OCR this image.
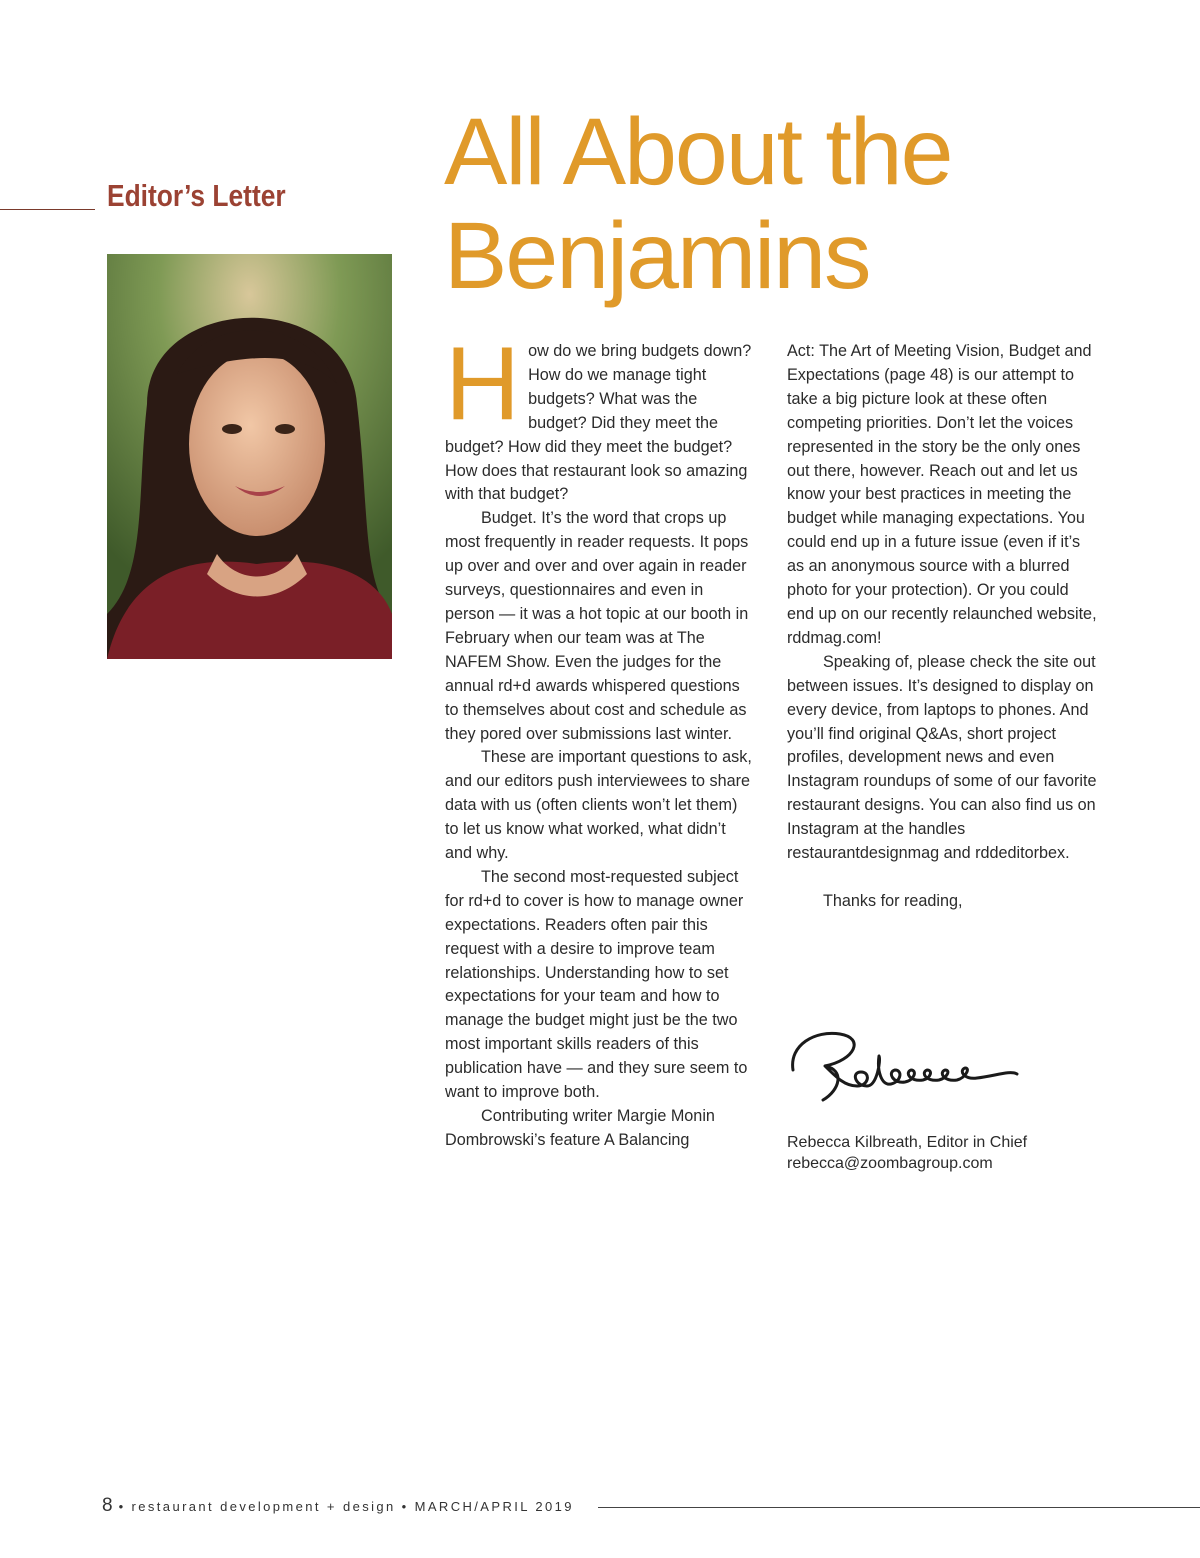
Editor’s Letter All About the
Benjamins

How do we bring budgets down? How do we manage tight budgets? What was the budget? Did they meet the budget? How did they meet the budget? How does that restaurant look so amazing with that budget?

Budget. It’s the word that crops up most frequently in reader requests. It pops up over and over and over again in reader surveys, questionnaires and even in person — it was a hot topic at our booth in February when our team was at The NAFEM Show. Even the judges for the annual rd+d awards whispered questions to themselves about cost and schedule as they pored over submissions last winter.

These are important questions to ask, and our editors push interviewees to share data with us (often clients won’t let them) to let us know what worked, what didn’t and why.

The second most-requested subject for rd+d to cover is how to manage owner expectations. Readers often pair this request with a desire to improve team relationships. Understanding how to set expectations for your team and how to manage the budget might just be the two most important skills readers of this publication have — and they sure seem to want to improve both.

Contributing writer Margie Monin Dombrowski’s feature A Balancing

Act: The Art of Meeting Vision, Budget and Expectations (page 48) is our attempt to take a big picture look at these often competing priorities. Don’t let the voices represented in the story be the only ones out there, however. Reach out and let us know your best practices in meeting the budget while managing expectations. You could end up in a future issue (even if it’s as an anonymous source with a blurred photo for your protection). Or you could end up on our recently relaunched website, rddmag.com!

Speaking of, please check the site out between issues. It’s designed to display on every device, from laptops to phones. And you’ll find original Q&As, short project profiles, development news and even Instagram roundups of some of our favorite restaurant designs. You can also find us on Instagram at the handles restaurantdesignmag and rddeditorbex.

Thanks for reading,

Rebecca Kilbreath, Editor in Chief
rebecca@zoombagroup.com
8 • restaurant development + design • MARCH/APRIL 2019
